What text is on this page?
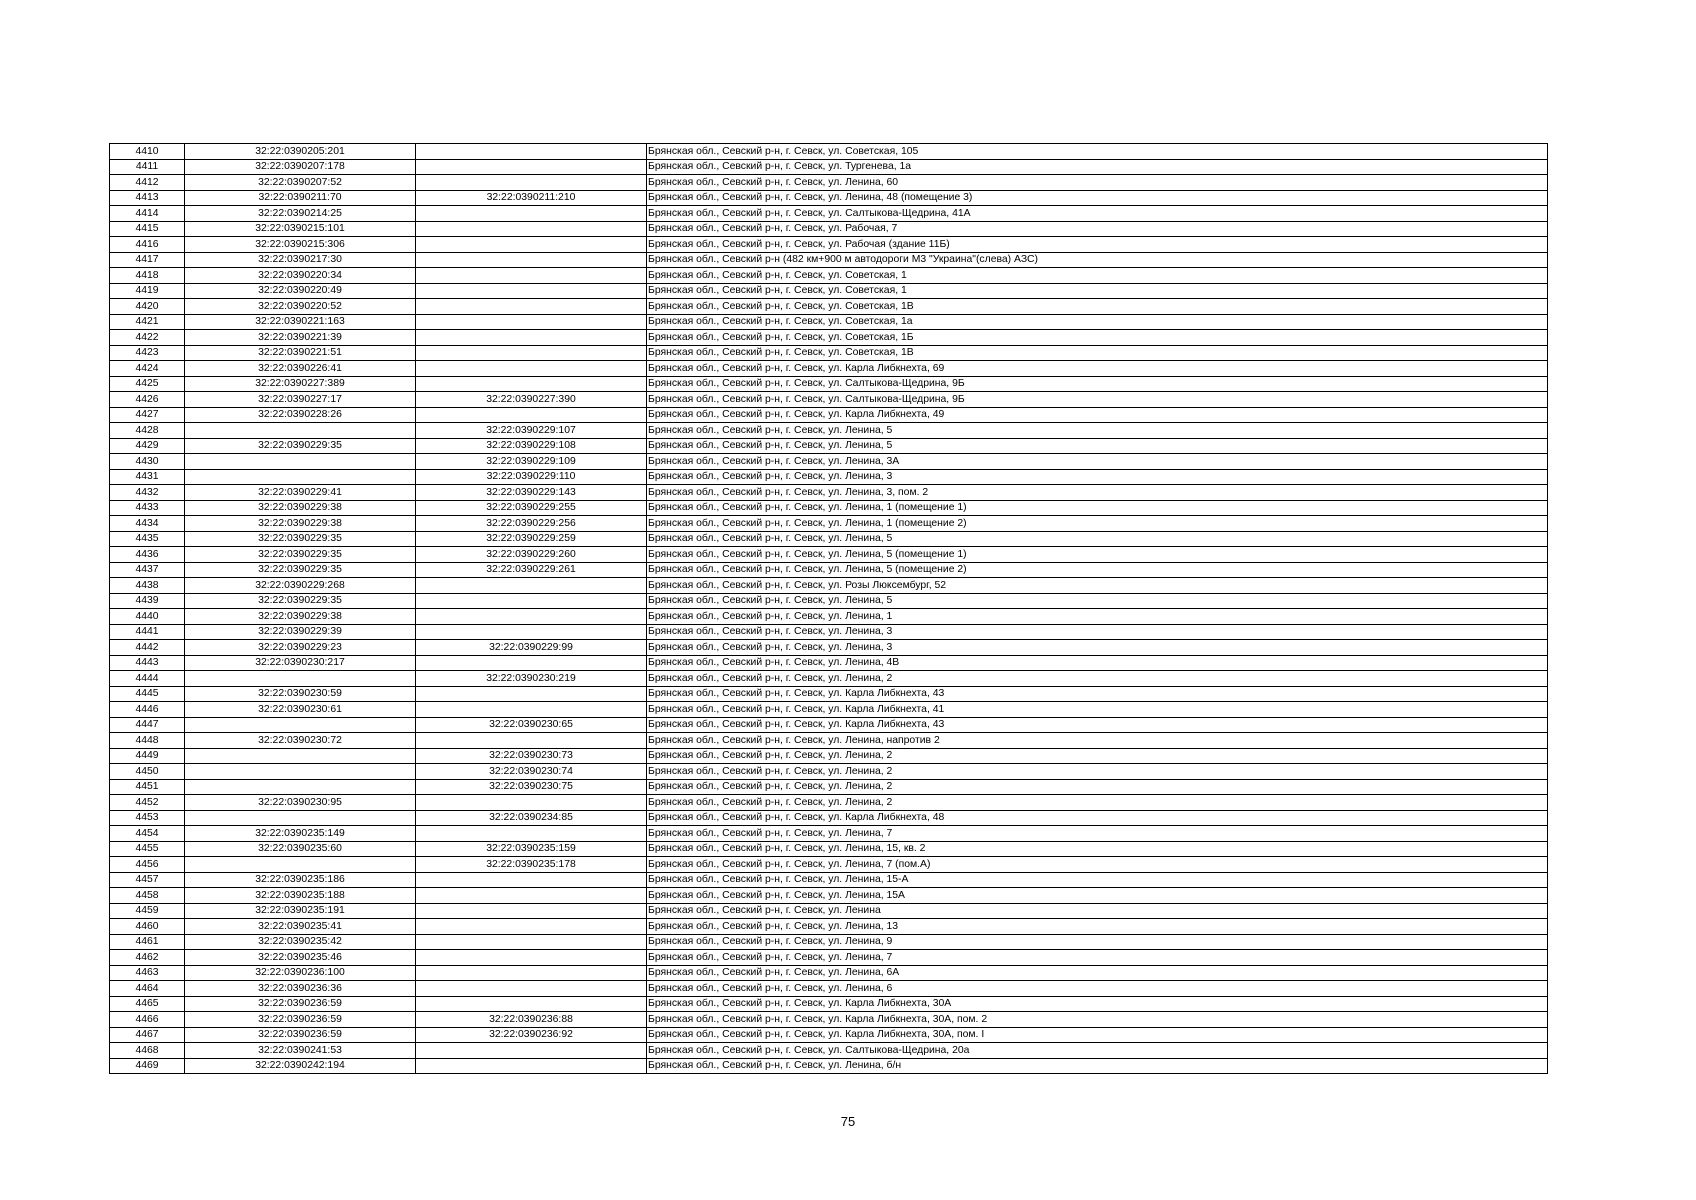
4410	32:22:0390205:201		Брянская обл., Севский р-н, г. Севск, ул. Советская, 105
4411	32:22:0390207:178		Брянская обл., Севский р-н, г. Севск, ул. Тургенева, 1а
4412	32:22:0390207:52		Брянская обл., Севский р-н, г. Севск, ул. Ленина, 60
4413	32:22:0390211:70	32:22:0390211:210	Брянская обл., Севский р-н, г. Севск, ул. Ленина, 48 (помещение 3)
4414	32:22:0390214:25		Брянская обл., Севский р-н, г. Севск, ул. Салтыкова-Щедрина, 41А
4415	32:22:0390215:101		Брянская обл., Севский р-н, г. Севск, ул. Рабочая, 7
4416	32:22:0390215:306		Брянская обл., Севский р-н, г. Севск, ул. Рабочая (здание 11Б)
4417	32:22:0390217:30		Брянская обл., Севский р-н (482 км+900 м автодороги М3 "Украина"(слева) АЗС)
4418	32:22:0390220:34		Брянская обл., Севский р-н, г. Севск, ул. Советская, 1
4419	32:22:0390220:49		Брянская обл., Севский р-н, г. Севск, ул. Советская, 1
4420	32:22:0390220:52		Брянская обл., Севский р-н, г. Севск, ул. Советская, 1В
4421	32:22:0390221:163		Брянская обл., Севский р-н, г. Севск, ул. Советская, 1а
4422	32:22:0390221:39		Брянская обл., Севский р-н, г. Севск, ул. Советская, 1Б
4423	32:22:0390221:51		Брянская обл., Севский р-н, г. Севск, ул. Советская, 1В
4424	32:22:0390226:41		Брянская обл., Севский р-н, г. Севск, ул. Карла Либкнехта, 69
4425	32:22:0390227:389		Брянская обл., Севский р-н, г. Севск, ул. Салтыкова-Щедрина, 9Б
4426	32:22:0390227:17	32:22:0390227:390	Брянская обл., Севский р-н, г. Севск, ул. Салтыкова-Щедрина, 9Б
4427	32:22:0390228:26		Брянская обл., Севский р-н, г. Севск, ул. Карла Либкнехта, 49
4428		32:22:0390229:107	Брянская обл., Севский р-н, г. Севск, ул. Ленина, 5
4429	32:22:0390229:35	32:22:0390229:108	Брянская обл., Севский р-н, г. Севск, ул. Ленина, 5
4430		32:22:0390229:109	Брянская обл., Севский р-н, г. Севск, ул. Ленина, 3А
4431		32:22:0390229:110	Брянская обл., Севский р-н, г. Севск, ул. Ленина, 3
4432	32:22:0390229:41	32:22:0390229:143	Брянская обл., Севский р-н, г. Севск, ул. Ленина, 3, пом. 2
4433	32:22:0390229:38	32:22:0390229:255	Брянская обл., Севский р-н, г. Севск, ул. Ленина, 1 (помещение 1)
4434	32:22:0390229:38	32:22:0390229:256	Брянская обл., Севский р-н, г. Севск, ул. Ленина, 1 (помещение 2)
4435	32:22:0390229:35	32:22:0390229:259	Брянская обл., Севский р-н, г. Севск, ул. Ленина, 5
4436	32:22:0390229:35	32:22:0390229:260	Брянская обл., Севский р-н, г. Севск, ул. Ленина, 5 (помещение 1)
4437	32:22:0390229:35	32:22:0390229:261	Брянская обл., Севский р-н, г. Севск, ул. Ленина, 5 (помещение 2)
4438	32:22:0390229:268		Брянская обл., Севский р-н, г. Севск, ул. Розы Люксембург, 52
4439	32:22:0390229:35		Брянская обл., Севский р-н, г. Севск, ул. Ленина, 5
4440	32:22:0390229:38		Брянская обл., Севский р-н, г. Севск, ул. Ленина, 1
4441	32:22:0390229:39		Брянская обл., Севский р-н, г. Севск, ул. Ленина, 3
4442	32:22:0390229:23	32:22:0390229:99	Брянская обл., Севский р-н, г. Севск, ул. Ленина, 3
4443	32:22:0390230:217		Брянская обл., Севский р-н, г. Севск, ул. Ленина, 4В
4444		32:22:0390230:219	Брянская обл., Севский р-н, г. Севск, ул. Ленина, 2
4445	32:22:0390230:59		Брянская обл., Севский р-н, г. Севск, ул. Карла Либкнехта, 43
4446	32:22:0390230:61		Брянская обл., Севский р-н, г. Севск, ул. Карла Либкнехта, 41
4447		32:22:0390230:65	Брянская обл., Севский р-н, г. Севск, ул. Карла Либкнехта, 43
4448	32:22:0390230:72		Брянская обл., Севский р-н, г. Севск, ул. Ленина, напротив 2
4449		32:22:0390230:73	Брянская обл., Севский р-н, г. Севск, ул. Ленина, 2
4450		32:22:0390230:74	Брянская обл., Севский р-н, г. Севск, ул. Ленина, 2
4451		32:22:0390230:75	Брянская обл., Севский р-н, г. Севск, ул. Ленина, 2
4452	32:22:0390230:95		Брянская обл., Севский р-н, г. Севск, ул. Ленина, 2
4453		32:22:0390234:85	Брянская обл., Севский р-н, г. Севск, ул. Карла Либкнехта, 48
4454	32:22:0390235:149		Брянская обл., Севский р-н, г. Севск, ул. Ленина, 7
4455	32:22:0390235:60	32:22:0390235:159	Брянская обл., Севский р-н, г. Севск, ул. Ленина, 15, кв. 2
4456		32:22:0390235:178	Брянская обл., Севский р-н, г. Севск, ул. Ленина, 7 (пом.А)
4457	32:22:0390235:186		Брянская обл., Севский р-н, г. Севск, ул. Ленина, 15-А
4458	32:22:0390235:188		Брянская обл., Севский р-н, г. Севск, ул. Ленина, 15А
4459	32:22:0390235:191		Брянская обл., Севский р-н, г. Севск, ул. Ленина
4460	32:22:0390235:41		Брянская обл., Севский р-н, г. Севск, ул. Ленина, 13
4461	32:22:0390235:42		Брянская обл., Севский р-н, г. Севск, ул. Ленина, 9
4462	32:22:0390235:46		Брянская обл., Севский р-н, г. Севск, ул. Ленина, 7
4463	32:22:0390236:100		Брянская обл., Севский р-н, г. Севск, ул. Ленина, 6А
4464	32:22:0390236:36		Брянская обл., Севский р-н, г. Севск, ул. Ленина, 6
4465	32:22:0390236:59		Брянская обл., Севский р-н, г. Севск, ул. Карла Либкнехта, 30А
4466	32:22:0390236:59	32:22:0390236:88	Брянская обл., Севский р-н, г. Севск, ул. Карла Либкнехта, 30А, пом. 2
4467	32:22:0390236:59	32:22:0390236:92	Брянская обл., Севский р-н, г. Севск, ул. Карла Либкнехта, 30А, пом. I
4468	32:22:0390241:53		Брянская обл., Севский р-н, г. Севск, ул. Салтыкова-Щедрина, 20а
4469	32:22:0390242:194		Брянская обл., Севский р-н, г. Севск, ул. Ленина, б/н
75
